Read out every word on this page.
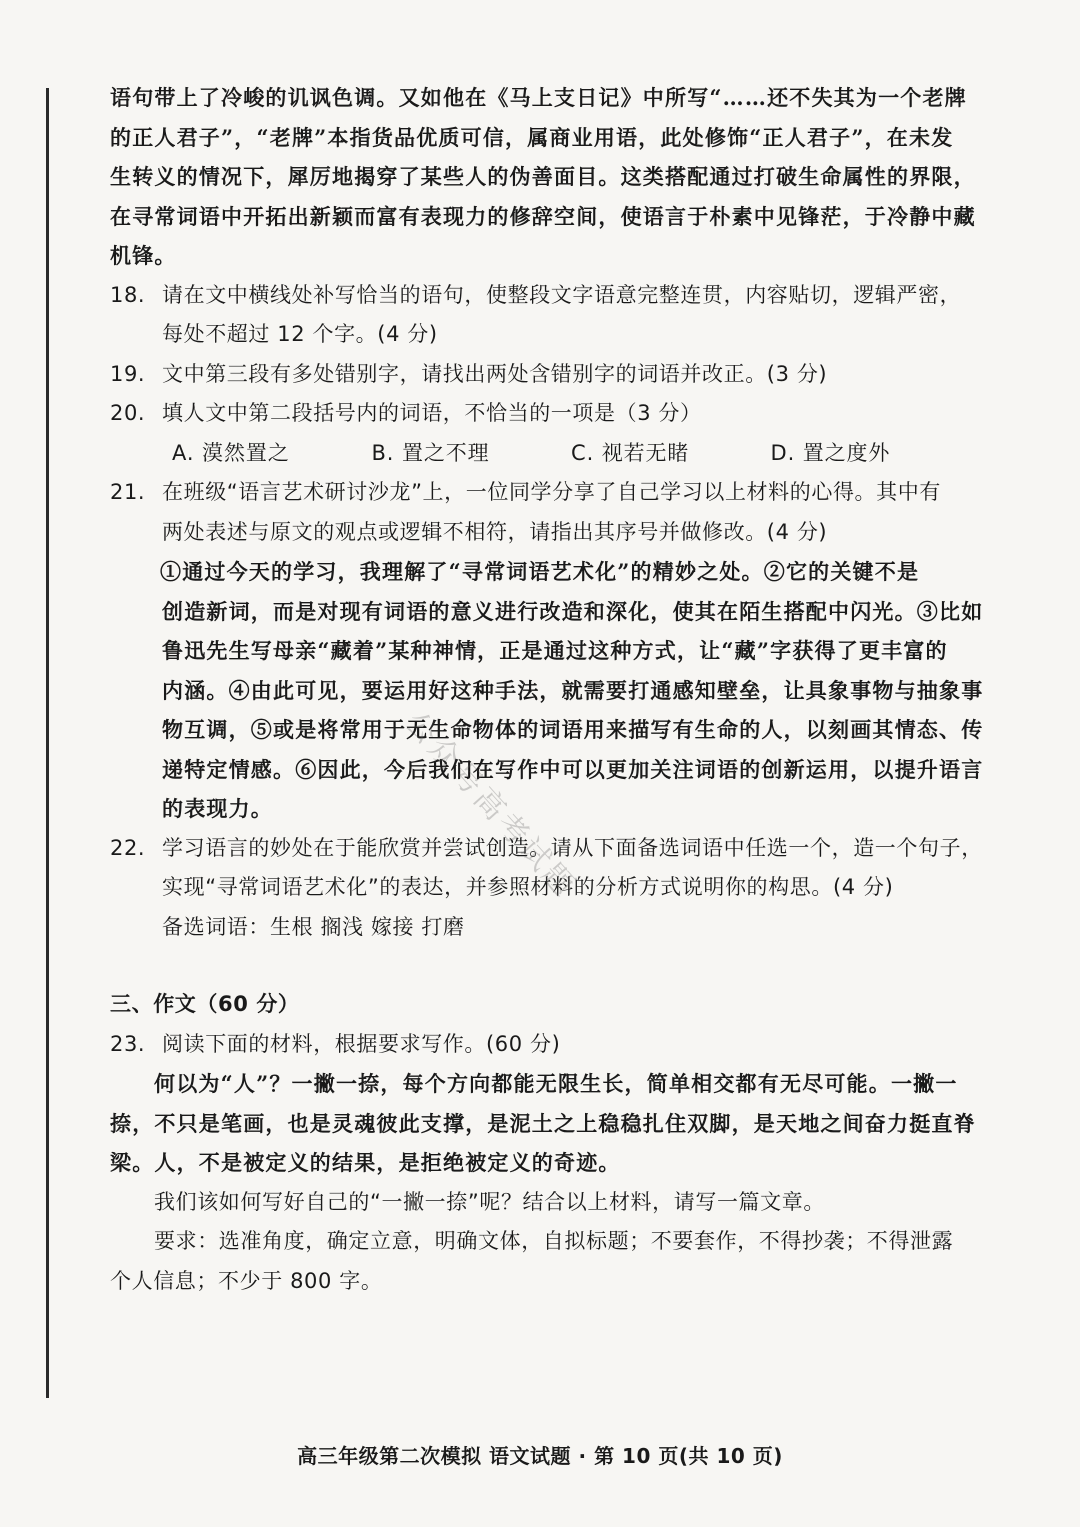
语句带上了冷峻的讥讽色调。又如他在《马上支日记》中所写“……还不失其为一个老牌
的正人君子”，“老牌”本指货品优质可信，属商业用语，此处修饰“正人君子”，在未发
生转义的情况下，犀厉地揭穿了某些人的伪善面目。这类搭配通过打破生命属性的界限，
在寻常词语中开拓出新颖而富有表现力的修辞空间，使语言于朴素中见锋茫，于冷静中藏
机锋。
18. 请在文中横线处补写恰当的语句，使整段文字语意完整连贯，内容贴切，逻辑严密，
每处不超过 12 个字。(4 分)
19. 文中第三段有多处错别字，请找出两处含错别字的词语并改正。(3 分)
20. 填人文中第二段括号内的词语，不恰当的一项是（3 分）
A. 漠然置之	B. 置之不理	C. 视若无睹	D. 置之度外
21. 在班级“语言艺术研讨沙龙”上，一位同学分享了自己学习以上材料的心得。其中有
两处表述与原文的观点或逻辑不相符，请指出其序号并做修改。(4 分)
①通过今天的学习，我理解了“寻常词语艺术化”的精妙之处。②它的关键不是
创造新词，而是对现有词语的意义进行改造和深化，使其在陌生搭配中闪光。③比如
鲁迅先生写母亲“藏着”某种神情，正是通过这种方式，让“藏”字获得了更丰富的
内涵。④由此可见，要运用好这种手法，就需要打通感知壁垒，让具象事物与抽象事
物互调，⑤或是将常用于无生命物体的词语用来描写有生命的人，以刻画其情态、传
递特定情感。⑥因此，今后我们在写作中可以更加关注词语的创新运用，以提升语言
的表现力。
22. 学习语言的妙处在于能欣赏并尝试创造。请从下面备选词语中任选一个，造一个句子，
实现“寻常词语艺术化”的表达，并参照材料的分析方式说明你的构思。(4 分)
备选词语：生根 搁浅 嫁接 打磨
三、作文（60 分）
23. 阅读下面的材料，根据要求写作。(60 分)
何以为“人”？一撇一捺，每个方向都能无限生长，简单相交都有无尽可能。一撇一
捺，不只是笔画，也是灵魂彼此支撑，是泥土之上稳稳扎住双脚，是天地之间奋力挺直脊
梁。人，不是被定义的结果，是拒绝被定义的奇迹。
我们该如何写好自己的“一撇一捺”呢？结合以上材料，请写一篇文章。
要求：选准角度，确定立意，明确文体，自拟标题；不要套作，不得抄袭；不得泄露
个人信息；不少于 800 字。
公众号高考试题
高三年级第二次模拟 语文试题 · 第 10 页(共 10 页)
